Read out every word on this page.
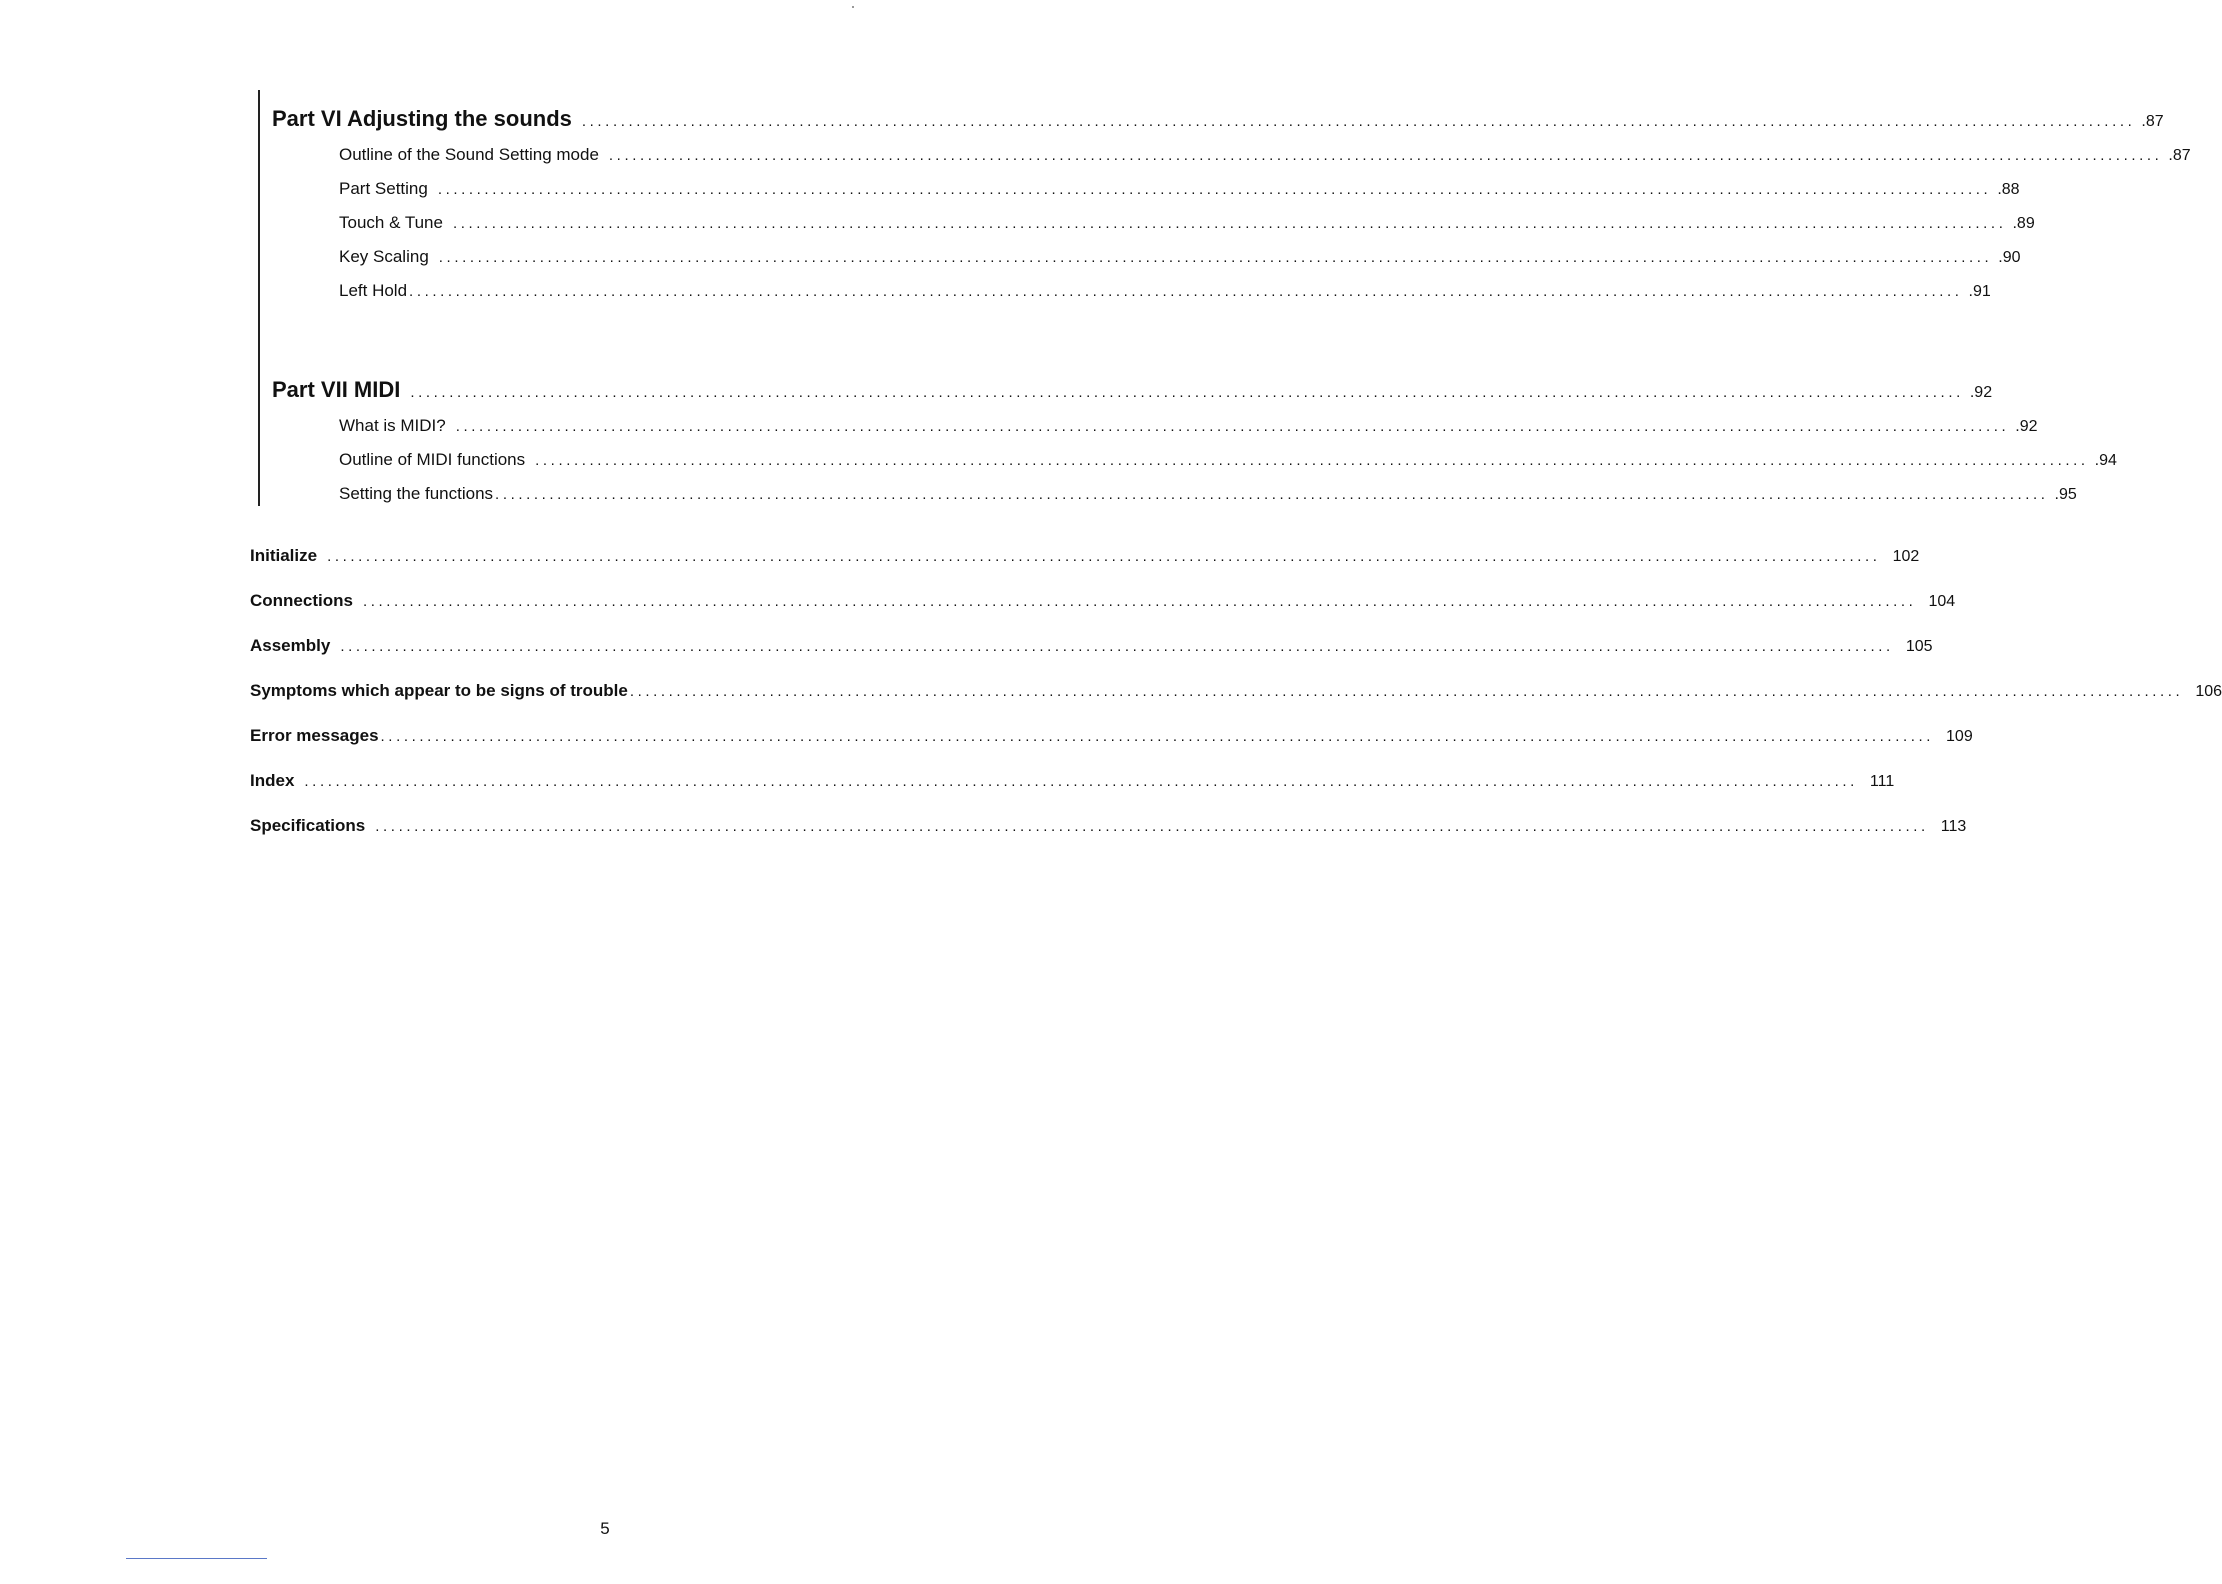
Part VI Adjusting the sounds ........................................................................................................................................................................................................ .87
Outline of the Sound Setting mode ........................................................................................................................................................................................................ .87
Part Setting ........................................................................................................................................................................................................ .88
Touch & Tune ........................................................................................................................................................................................................ .89
Key Scaling ........................................................................................................................................................................................................ .90
Left Hold ........................................................................................................................................................................................................ .91
Part VII MIDI ........................................................................................................................................................................................................ .92
What is MIDI? ........................................................................................................................................................................................................ .92
Outline of MIDI functions ........................................................................................................................................................................................................ .94
Setting the functions ........................................................................................................................................................................................................ .95
Initialize ........................................................................................................................................................................................................ 102
Connections ........................................................................................................................................................................................................ 104
Assembly ........................................................................................................................................................................................................ 105
Symptoms which appear to be signs of trouble ........................................................................................................................................................................................................ 106
Error messages ........................................................................................................................................................................................................ 109
Index ........................................................................................................................................................................................................ 111
Specifications ........................................................................................................................................................................................................ 113
5
